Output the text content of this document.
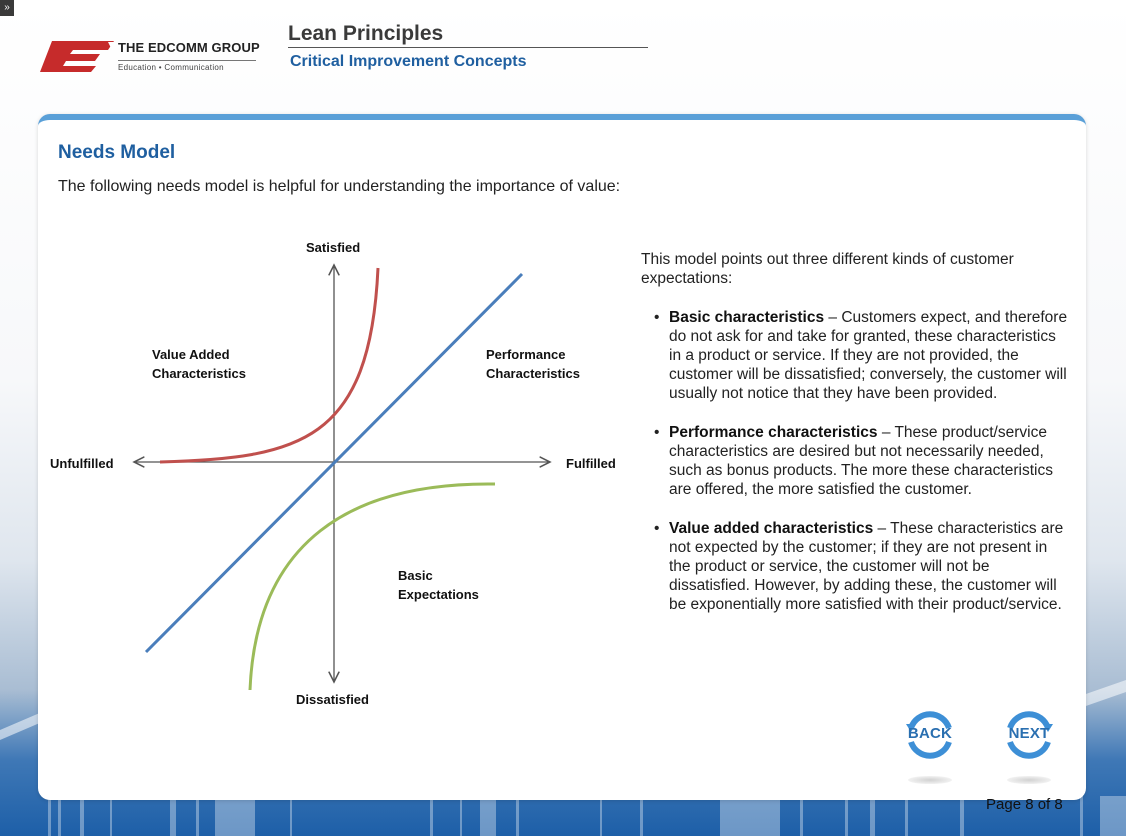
»
THE EDCOMM GROUP
Education • Communication
Lean Principles
Critical Improvement Concepts
Needs Model
The following needs model is helpful for understanding the importance of value:
Satisfied
Dissatisfied
Unfulfilled	Fulfilled
Value Added
Characteristics
Performance
Characteristics
Basic
Expectations
This model points out three different kinds of customer expectations:
• Basic characteristics – Customers expect, and therefore do not ask for and take for granted, these characteristics in a product or service. If they are not provided, the customer will be dissatisfied; conversely, the customer will usually not notice that they have been provided.
• Performance characteristics – These product/service characteristics are desired but not necessarily needed, such as bonus products. The more these characteristics are offered, the more satisfied the customer.
• Value added characteristics – These characteristics are not expected by the customer; if they are not present in the product or service, the customer will not be dissatisfied. However, by adding these, the customer will be exponentially more satisfied with their product/service.
BACK	NEXT
Page 8 of 8
